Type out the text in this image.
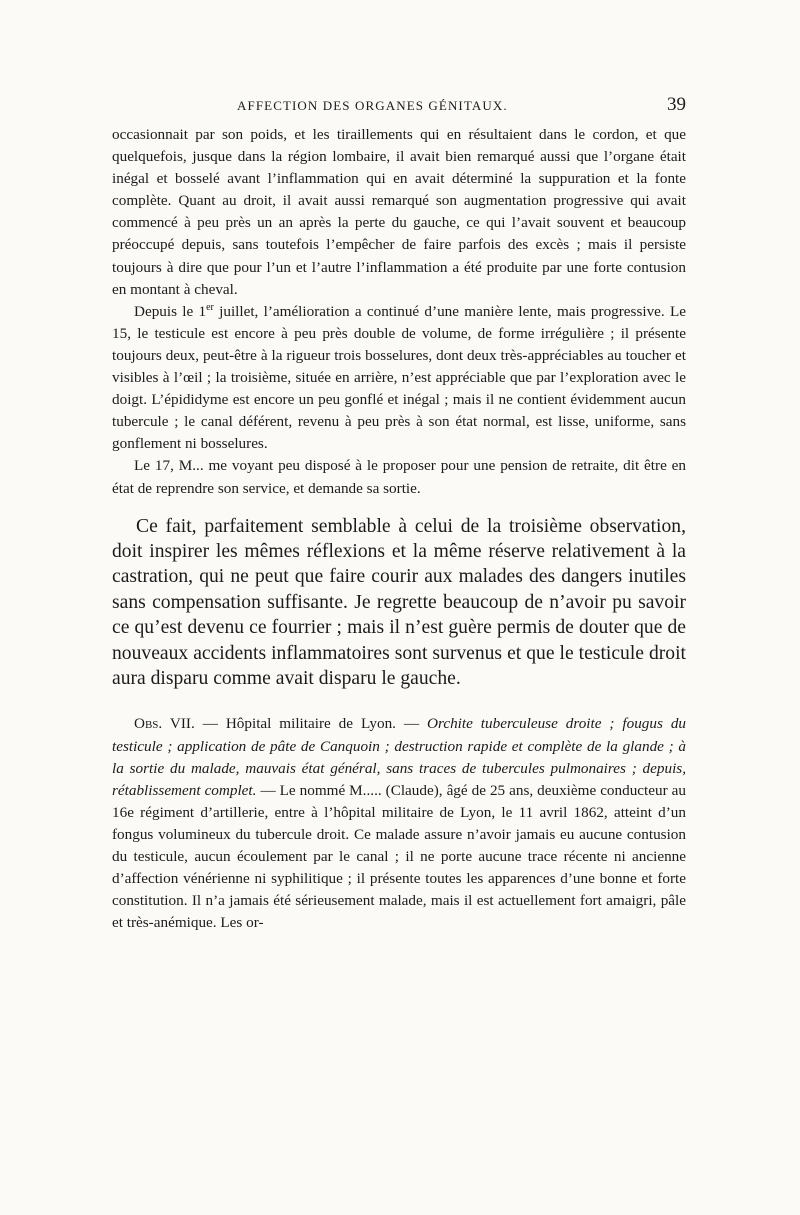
AFFECTION DES ORGANES GÉNITAUX.	39

occasionnait par son poids, et les tiraillements qui en résultaient dans le cordon, et que quelquefois, jusque dans la région lombaire, il avait bien remarqué aussi que l’organe était inégal et bosselé avant l’inflammation qui en avait déterminé la suppuration et la fonte complète. Quant au droit, il avait aussi remarqué son augmentation progressive qui avait commencé à peu près un an après la perte du gauche, ce qui l’avait souvent et beaucoup préoccupé depuis, sans toutefois l’empêcher de faire parfois des excès ; mais il persiste toujours à dire que pour l’un et l’autre l’inflammation a été produite par une forte contusion en montant à cheval.

Depuis le 1er juillet, l’amélioration a continué d’une manière lente, mais progressive. Le 15, le testicule est encore à peu près double de volume, de forme irrégulière ; il présente toujours deux, peut-être à la rigueur trois bosselures, dont deux très-appréciables au toucher et visibles à l’œil ; la troisième, située en arrière, n’est appréciable que par l’exploration avec le doigt. L’épididyme est encore un peu gonflé et inégal ; mais il ne contient évidemment aucun tubercule ; le canal déférent, revenu à peu près à son état normal, est lisse, uniforme, sans gonflement ni bosselures.

Le 17, M... me voyant peu disposé à le proposer pour une pension de retraite, dit être en état de reprendre son service, et demande sa sortie.

Ce fait, parfaitement semblable à celui de la troisième observation, doit inspirer les mêmes réflexions et la même réserve relativement à la castration, qui ne peut que faire courir aux malades des dangers inutiles sans compensation suffisante. Je regrette beaucoup de n’avoir pu savoir ce qu’est devenu ce fourrier ; mais il n’est guère permis de douter que de nouveaux accidents inflammatoires sont survenus et que le testicule droit aura disparu comme avait disparu le gauche.

Obs. VII. — Hôpital militaire de Lyon. — Orchite tuberculeuse droite ; fougus du testicule ; application de pâte de Canquoin ; destruction rapide et complète de la glande ; à la sortie du malade, mauvais état général, sans traces de tubercules pulmonaires ; depuis, rétablissement complet. — Le nommé M..... (Claude), âgé de 25 ans, deuxième conducteur au 16e régiment d’artillerie, entre à l’hôpital militaire de Lyon, le 11 avril 1862, atteint d’un fongus volumineux du tubercule droit. Ce malade assure n’avoir jamais eu aucune contusion du testicule, aucun écoulement par le canal ; il ne porte aucune trace récente ni ancienne d’affection vénérienne ni syphilitique ; il présente toutes les apparences d’une bonne et forte constitution. Il n’a jamais été sérieusement malade, mais il est actuellement fort amaigri, pâle et très-anémique. Les or-
